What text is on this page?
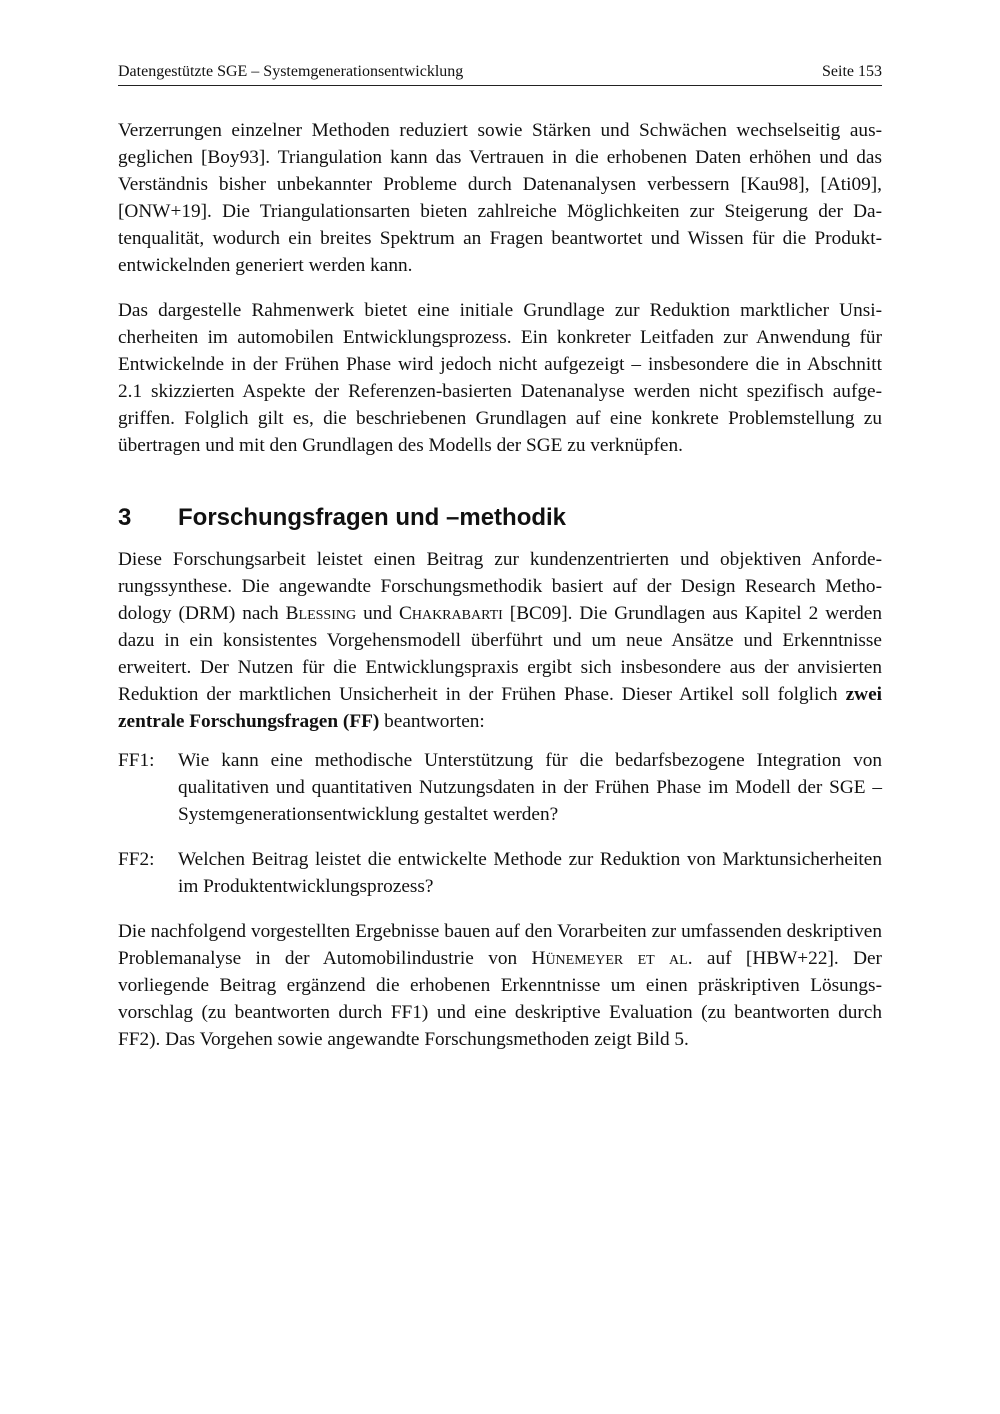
Datengestützte SGE – Systemgenerationsentwicklung	Seite 153

Verzerrungen einzelner Methoden reduziert sowie Stärken und Schwächen wechselseitig ausgeglichen [Boy93]. Triangulation kann das Vertrauen in die erhobenen Daten erhöhen und das Verständnis bisher unbekannter Probleme durch Datenanalysen verbessern [Kau98], [Ati09], [ONW+19]. Die Triangulationsarten bieten zahlreiche Möglichkeiten zur Steigerung der Datenqualität, wodurch ein breites Spektrum an Fragen beantwortet und Wissen für die Produktentwickelnden generiert werden kann.

Das dargestelle Rahmenwerk bietet eine initiale Grundlage zur Reduktion marktlicher Unsicherheiten im automobilen Entwicklungsprozess. Ein konkreter Leitfaden zur Anwendung für Entwickelnde in der Frühen Phase wird jedoch nicht aufgezeigt – insbesondere die in Abschnitt 2.1 skizzierten Aspekte der Referenzen-basierten Datenanalyse werden nicht spezifisch aufgegriffen. Folglich gilt es, die beschriebenen Grundlagen auf eine konkrete Problemstellung zu übertragen und mit den Grundlagen des Modells der SGE zu verknüpfen.

3	Forschungsfragen und –methodik

Diese Forschungsarbeit leistet einen Beitrag zur kundenzentrierten und objektiven Anforderungssynthese. Die angewandte Forschungsmethodik basiert auf der Design Research Methodology (DRM) nach Blessing und Chakrabarti [BC09]. Die Grundlagen aus Kapitel 2 werden dazu in ein konsistentes Vorgehensmodell überführt und um neue Ansätze und Erkenntnisse erweitert. Der Nutzen für die Entwicklungspraxis ergibt sich insbesondere aus der anvisierten Reduktion der marktlichen Unsicherheit in der Frühen Phase. Dieser Artikel soll folglich zwei zentrale Forschungsfragen (FF) beantworten:

FF1:	Wie kann eine methodische Unterstützung für die bedarfsbezogene Integration von qualitativen und quantitativen Nutzungsdaten in der Frühen Phase im Modell der SGE – Systemgenerationsentwicklung gestaltet werden?
FF2:	Welchen Beitrag leistet die entwickelte Methode zur Reduktion von Marktunsicherheiten im Produktentwicklungsprozess?

Die nachfolgend vorgestellten Ergebnisse bauen auf den Vorarbeiten zur umfassenden deskriptiven Problemanalyse in der Automobilindustrie von Hünemeyer et al. auf [HBW+22]. Der vorliegende Beitrag ergänzend die erhobenen Erkenntnisse um einen präskriptiven Lösungsvorschlag (zu beantworten durch FF1) und eine deskriptive Evaluation (zu beantworten durch FF2). Das Vorgehen sowie angewandte Forschungsmethoden zeigt Bild 5.
